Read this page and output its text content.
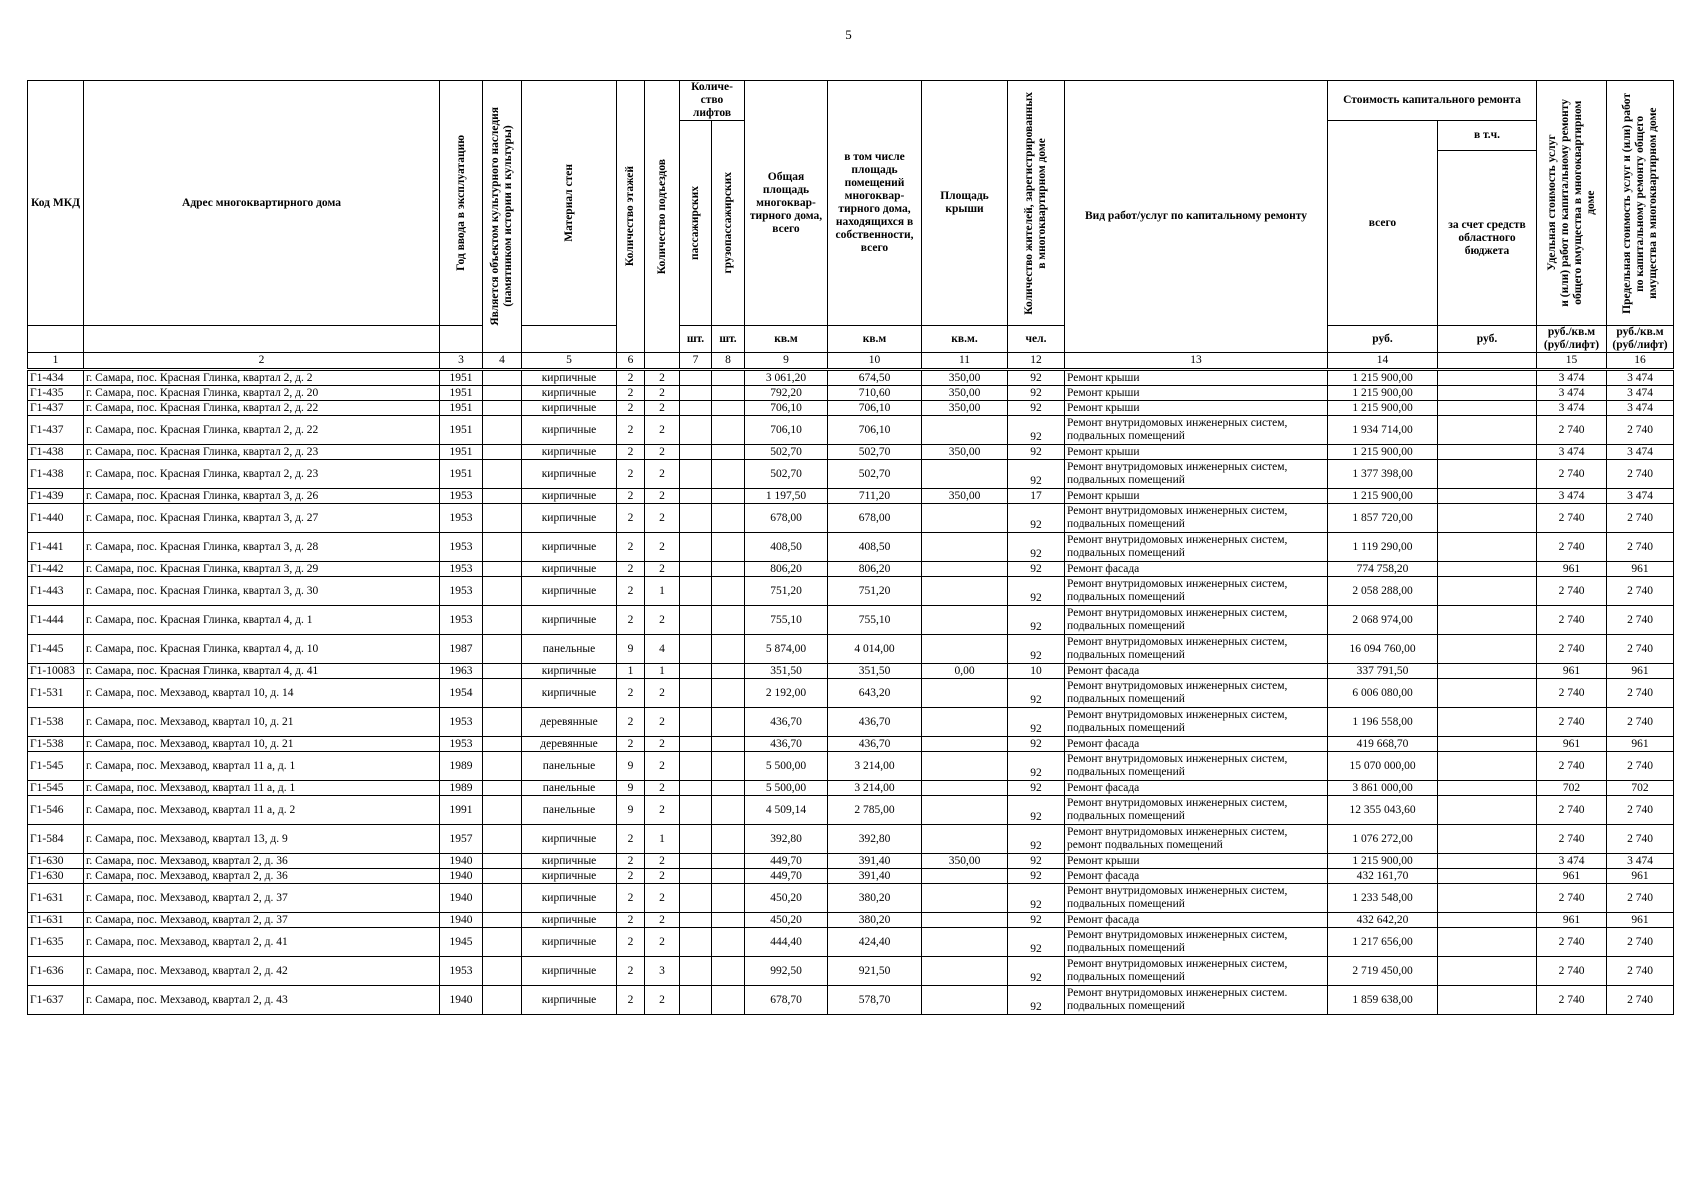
5
Код МКД	Адрес многоквартирного дома	Год ввода в эксплуатацию	Является объектом культурного наследия
(памятником истории и культуры)	Материал стен	Количество этажей	Количество подъездов	Количе- ство лифтов		Общая площадь многоквар- тирного дома, всего	в том числе площадь помещений многоквар- тирного дома, находящихся в собственности, всего	Площадь крыши	Количество жителей, зарегистрированных
в многоквартирном доме	Вид работ/услуг по капитальному ремонту	Стоимость капитального ремонта		Удельная стоимость услуг
и (или) работ по капитальному ремонту
общего имущества в многоквартирном
доме	Предельная стоимость услуг и (или) работ
по капитальному ремонту общего
имущества в многоквартирном доме

							пассажирских	грузопассажирских						всего	в т.ч.		
															за счет средств областного бюджета		
							шт.	шт.	кв.м	кв.м	кв.м.	чел.		руб.	руб.	руб./кв.м (руб/лифт)	руб./кв.м (руб/лифт)
1	2	3	4	5	6		7	8	9	10	11	12	13	14		15	16
Г1-434	г. Самара, пос. Красная Глинка, квартал 2, д. 2	1951		кирпичные	2	2			3 061,20	674,50	350,00	92	Ремонт крыши	1 215 900,00		3 474	3 474
Г1-435	г. Самара, пос. Красная Глинка, квартал 2, д. 20	1951		кирпичные	2	2			792,20	710,60	350,00	92	Ремонт крыши	1 215 900,00		3 474	3 474
Г1-437	г. Самара, пос. Красная Глинка, квартал 2, д. 22	1951		кирпичные	2	2			706,10	706,10	350,00	92	Ремонт крыши	1 215 900,00		3 474	3 474
Г1-437	г. Самара, пос. Красная Глинка, квартал 2, д. 22	1951		кирпичные	2	2			706,10	706,10		92	Ремонт внутридомовых инженерных систем, подвальных помещений	1 934 714,00		2 740	2 740
Г1-438	г. Самара, пос. Красная Глинка, квартал 2, д. 23	1951		кирпичные	2	2			502,70	502,70	350,00	92	Ремонт крыши	1 215 900,00		3 474	3 474
Г1-438	г. Самара, пос. Красная Глинка, квартал 2, д. 23	1951		кирпичные	2	2			502,70	502,70		92	Ремонт внутридомовых инженерных систем, подвальных помещений	1 377 398,00		2 740	2 740
Г1-439	г. Самара, пос. Красная Глинка, квартал 3, д. 26	1953		кирпичные	2	2			1 197,50	711,20	350,00	17	Ремонт крыши	1 215 900,00		3 474	3 474
Г1-440	г. Самара, пос. Красная Глинка, квартал 3, д. 27	1953		кирпичные	2	2			678,00	678,00		92	Ремонт внутридомовых инженерных систем, подвальных помещений	1 857 720,00		2 740	2 740
Г1-441	г. Самара, пос. Красная Глинка, квартал 3, д. 28	1953		кирпичные	2	2			408,50	408,50		92	Ремонт внутридомовых инженерных систем, подвальных помещений	1 119 290,00		2 740	2 740
Г1-442	г. Самара, пос. Красная Глинка, квартал 3, д. 29	1953		кирпичные	2	2			806,20	806,20		92	Ремонт фасада	774 758,20		961	961
Г1-443	г. Самара, пос. Красная Глинка, квартал 3, д. 30	1953		кирпичные	2	1			751,20	751,20		92	Ремонт внутридомовых инженерных систем, подвальных помещений	2 058 288,00		2 740	2 740
Г1-444	г. Самара, пос. Красная Глинка, квартал 4, д. 1	1953		кирпичные	2	2			755,10	755,10		92	Ремонт внутридомовых инженерных систем, подвальных помещений	2 068 974,00		2 740	2 740
Г1-445	г. Самара, пос. Красная Глинка, квартал 4, д. 10	1987		панельные	9	4			5 874,00	4 014,00		92	Ремонт внутридомовых инженерных систем, подвальных помещений	16 094 760,00		2 740	2 740
Г1-10083	г. Самара, пос. Красная Глинка, квартал 4, д. 41	1963		кирпичные	1	1			351,50	351,50	0,00	10	Ремонт фасада	337 791,50		961	961
Г1-531	г. Самара, пос. Мехзавод, квартал 10, д. 14	1954		кирпичные	2	2			2 192,00	643,20		92	Ремонт внутридомовых инженерных систем, подвальных помещений	6 006 080,00		2 740	2 740
Г1-538	г. Самара, пос. Мехзавод, квартал 10, д. 21	1953		деревянные	2	2			436,70	436,70		92	Ремонт внутридомовых инженерных систем, подвальных помещений	1 196 558,00		2 740	2 740
Г1-538	г. Самара, пос. Мехзавод, квартал 10, д. 21	1953		деревянные	2	2			436,70	436,70		92	Ремонт фасада	419 668,70		961	961
Г1-545	г. Самара, пос. Мехзавод, квартал 11 а, д. 1	1989		панельные	9	2			5 500,00	3 214,00		92	Ремонт внутридомовых инженерных систем, подвальных помещений	15 070 000,00		2 740	2 740
Г1-545	г. Самара, пос. Мехзавод, квартал 11 а, д. 1	1989		панельные	9	2			5 500,00	3 214,00		92	Ремонт фасада	3 861 000,00		702	702
Г1-546	г. Самара, пос. Мехзавод, квартал 11 а, д. 2	1991		панельные	9	2			4 509,14	2 785,00		92	Ремонт внутридомовых инженерных систем, подвальных помещений	12 355 043,60		2 740	2 740
Г1-584	г. Самара, пос. Мехзавод, квартал 13, д. 9	1957		кирпичные	2	1			392,80	392,80		92	Ремонт внутридомовых инженерных систем, ремонт подвальных помещений	1 076 272,00		2 740	2 740
Г1-630	г. Самара, пос. Мехзавод, квартал 2, д. 36	1940		кирпичные	2	2			449,70	391,40	350,00	92	Ремонт крыши	1 215 900,00		3 474	3 474
Г1-630	г. Самара, пос. Мехзавод, квартал 2, д. 36	1940		кирпичные	2	2			449,70	391,40		92	Ремонт фасада	432 161,70		961	961
Г1-631	г. Самара, пос. Мехзавод, квартал 2, д. 37	1940		кирпичные	2	2			450,20	380,20		92	Ремонт внутридомовых инженерных систем, подвальных помещений	1 233 548,00		2 740	2 740
Г1-631	г. Самара, пос. Мехзавод, квартал 2, д. 37	1940		кирпичные	2	2			450,20	380,20		92	Ремонт фасада	432 642,20		961	961
Г1-635	г. Самара, пос. Мехзавод, квартал 2, д. 41	1945		кирпичные	2	2			444,40	424,40		92	Ремонт внутридомовых инженерных систем, подвальных помещений	1 217 656,00		2 740	2 740
Г1-636	г. Самара, пос. Мехзавод, квартал 2, д. 42	1953		кирпичные	2	3			992,50	921,50		92	Ремонт внутридомовых инженерных систем, подвальных помещений	2 719 450,00		2 740	2 740
Г1-637	г. Самара, пос. Мехзавод, квартал 2, д. 43	1940		кирпичные	2	2			678,70	578,70		92	Ремонт внутридомовых инженерных систем. подвальных помещений	1 859 638,00		2 740	2 740
